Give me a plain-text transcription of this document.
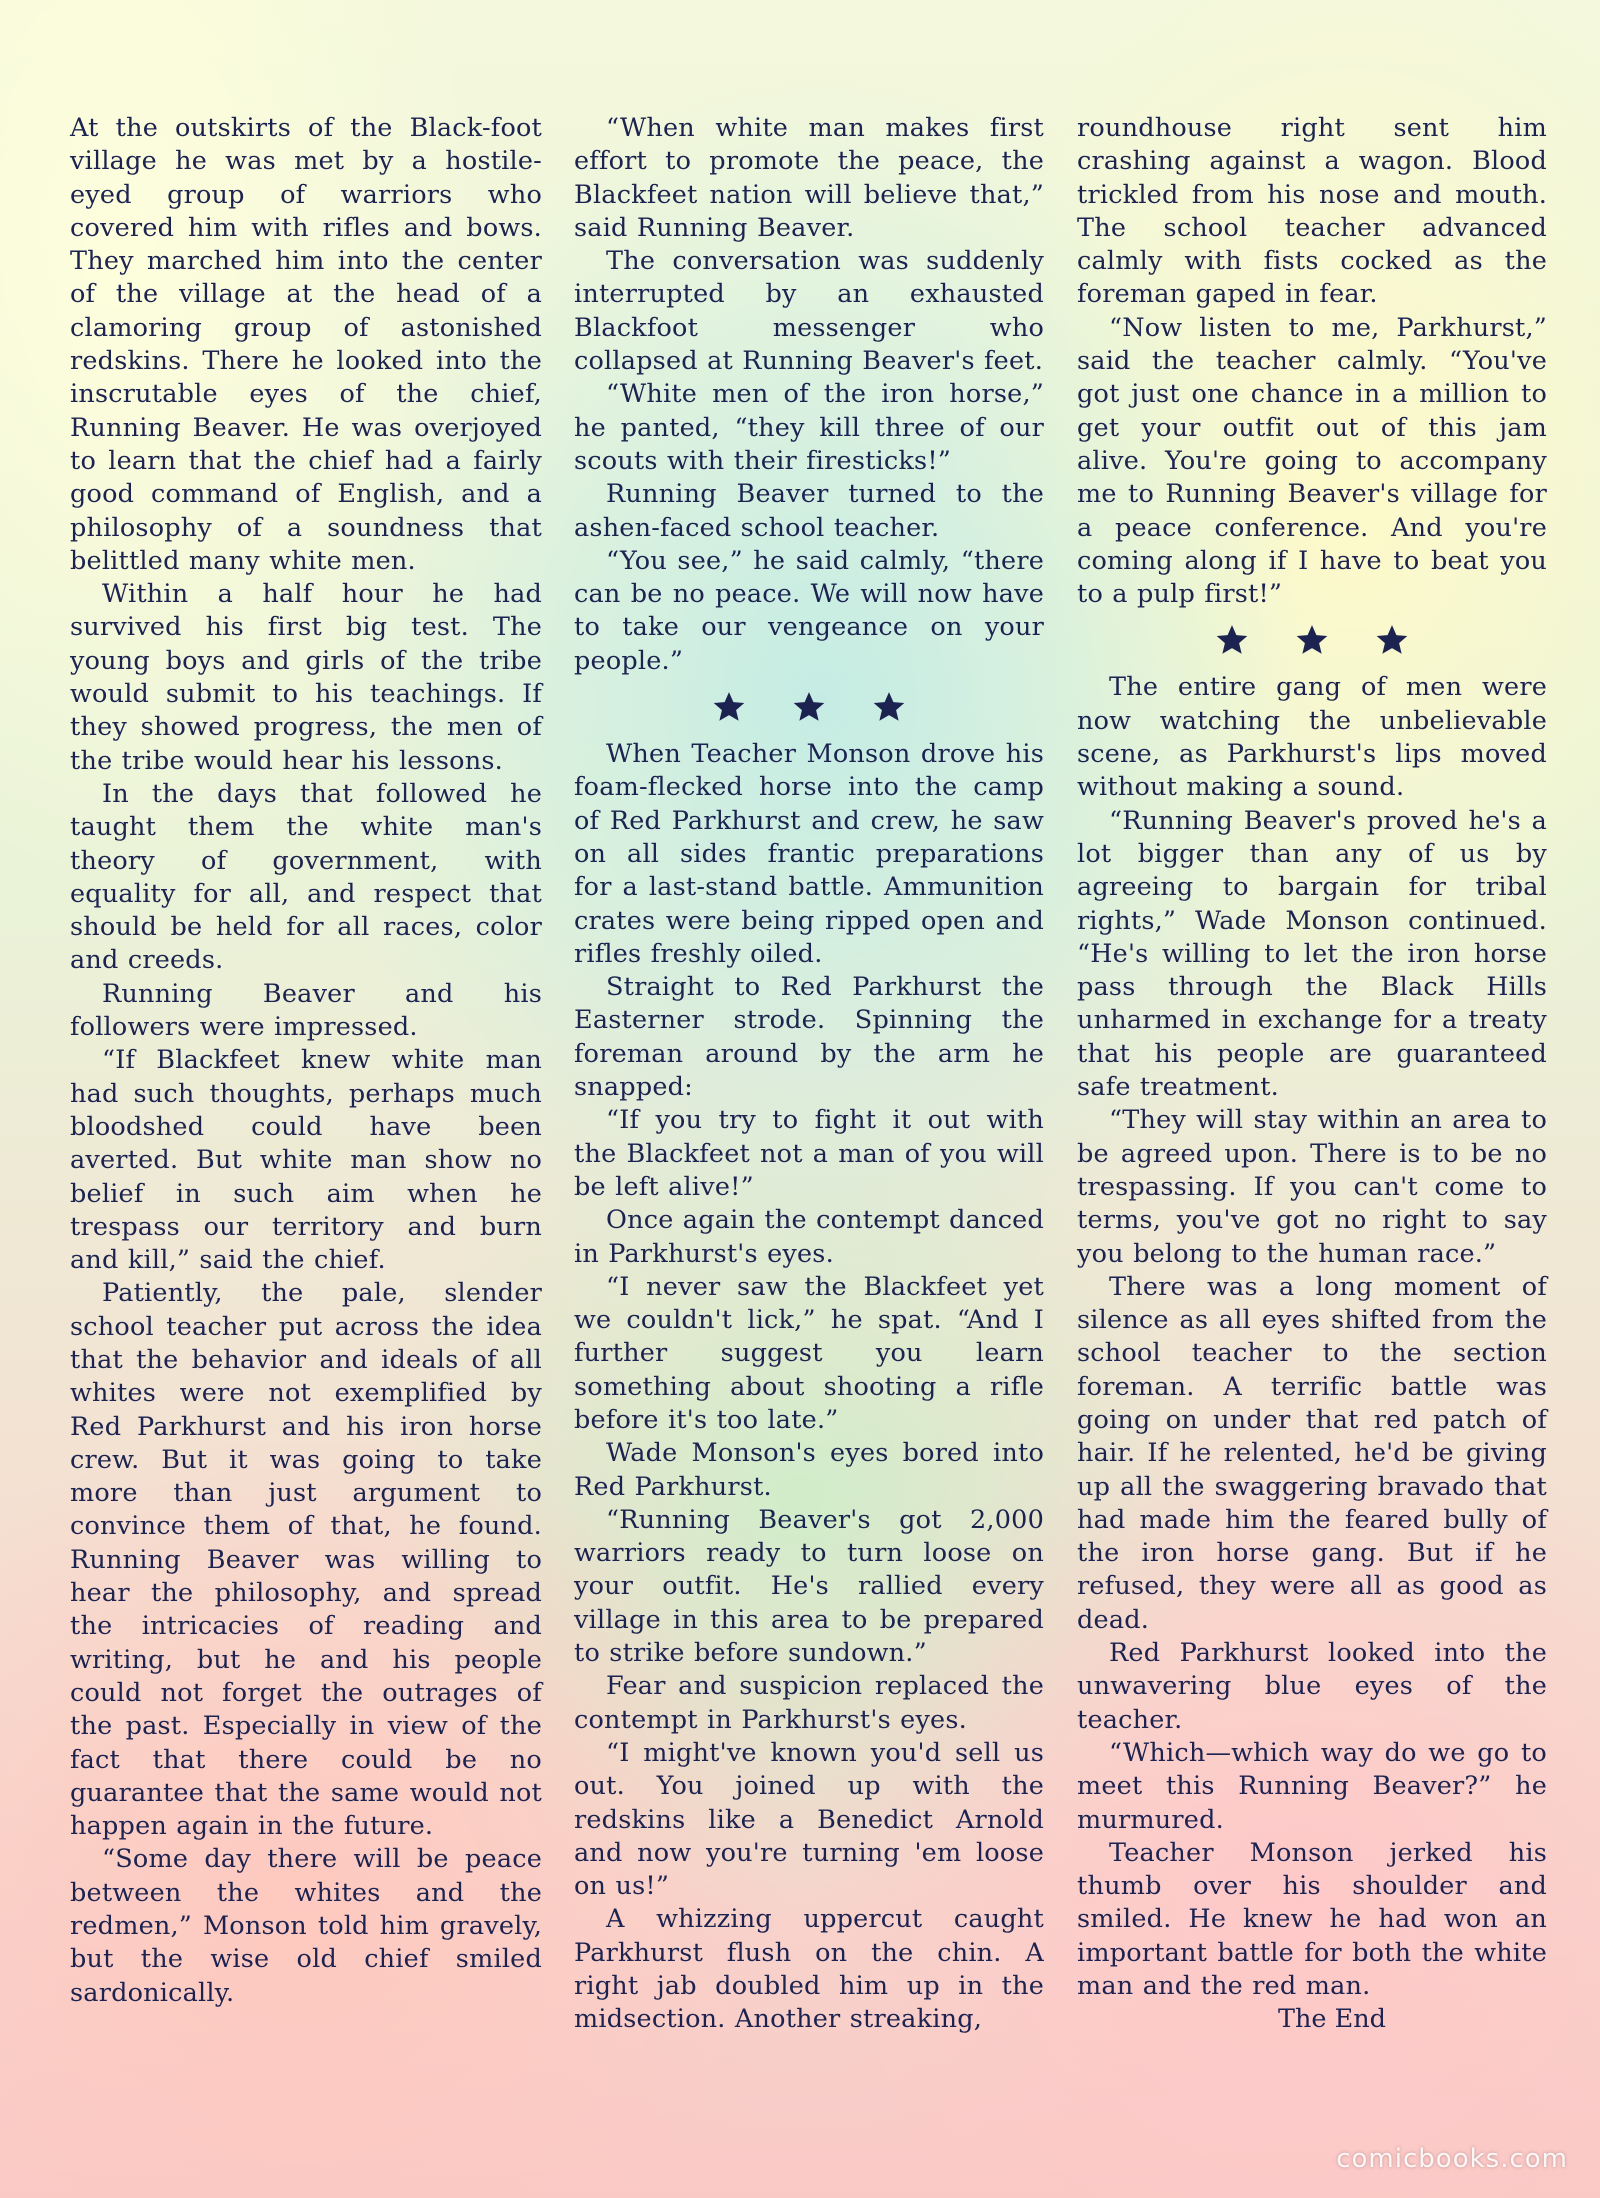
At the outskirts of the Black-foot village he was met by a hostile-eyed group of warriors who covered him with rifles and bows. They marched him into the center of the village at the head of a clamoring group of astonished redskins. There he looked into the inscrutable eyes of the chief, Running Beaver. He was overjoyed to learn that the chief had a fairly good command of English, and a philosophy of a soundness that belittled many white men.

Within a half hour he had survived his first big test. The young boys and girls of the tribe would submit to his teachings. If they showed progress, the men of the tribe would hear his lessons.

In the days that followed he taught them the white man's theory of government, with equality for all, and respect that should be held for all races, color and creeds.

Running Beaver and his followers were impressed.

“If Blackfeet knew white man had such thoughts, perhaps much bloodshed could have been averted. But white man show no belief in such aim when he trespass our territory and burn and kill,” said the chief.

Patiently, the pale, slender school teacher put across the idea that the behavior and ideals of all whites were not exemplified by Red Parkhurst and his iron horse crew. But it was going to take more than just argument to convince them of that, he found. Running Beaver was willing to hear the philosophy, and spread the intricacies of reading and writing, but he and his people could not forget the outrages of the past. Especially in view of the fact that there could be no guarantee that the same would not happen again in the future.

“Some day there will be peace between the whites and the redmen,” Monson told him gravely, but the wise old chief smiled sardonically.

“When white man makes first effort to promote the peace, the Blackfeet nation will believe that,” said Running Beaver.

The conversation was suddenly interrupted by an exhausted Blackfoot messenger who collapsed at Running Beaver's feet.

“White men of the iron horse,” he panted, “they kill three of our scouts with their firesticks!”

Running Beaver turned to the ashen-faced school teacher.

“You see,” he said calmly, “there can be no peace. We will now have to take our vengeance on your people.”

When Teacher Monson drove his foam-flecked horse into the camp of Red Parkhurst and crew, he saw on all sides frantic preparations for a last-stand battle. Ammunition crates were being ripped open and rifles freshly oiled.

Straight to Red Parkhurst the Easterner strode. Spinning the foreman around by the arm he snapped:

“If you try to fight it out with the Blackfeet not a man of you will be left alive!”

Once again the contempt danced in Parkhurst's eyes.

“I never saw the Blackfeet yet we couldn't lick,” he spat. “And I further suggest you learn something about shooting a rifle before it's too late.”

Wade Monson's eyes bored into Red Parkhurst.

“Running Beaver's got 2,000 warriors ready to turn loose on your outfit. He's rallied every village in this area to be prepared to strike before sundown.”

Fear and suspicion replaced the contempt in Parkhurst's eyes.

“I might've known you'd sell us out. You joined up with the redskins like a Benedict Arnold and now you're turning 'em loose on us!”

A whizzing uppercut caught Parkhurst flush on the chin. A right jab doubled him up in the midsection. Another streaking,

roundhouse right sent him crashing against a wagon. Blood trickled from his nose and mouth. The school teacher advanced calmly with fists cocked as the foreman gaped in fear.

“Now listen to me, Parkhurst,” said the teacher calmly. “You've got just one chance in a million to get your outfit out of this jam alive. You're going to accompany me to Running Beaver's village for a peace conference. And you're coming along if I have to beat you to a pulp first!”

The entire gang of men were now watching the unbelievable scene, as Parkhurst's lips moved without making a sound.

“Running Beaver's proved he's a lot bigger than any of us by agreeing to bargain for tribal rights,” Wade Monson continued. “He's willing to let the iron horse pass through the Black Hills unharmed in exchange for a treaty that his people are guaranteed safe treatment.

“They will stay within an area to be agreed upon. There is to be no trespassing. If you can't come to terms, you've got no right to say you belong to the human race.”

There was a long moment of silence as all eyes shifted from the school teacher to the section foreman. A terrific battle was going on under that red patch of hair. If he relented, he'd be giving up all the swaggering bravado that had made him the feared bully of the iron horse gang. But if he refused, they were all as good as dead.

Red Parkhurst looked into the unwavering blue eyes of the teacher.

“Which—which way do we go to meet this Running Beaver?” he murmured.

Teacher Monson jerked his thumb over his shoulder and smiled. He knew he had won an important battle for both the white man and the red man.

The End

comicbooks.com
